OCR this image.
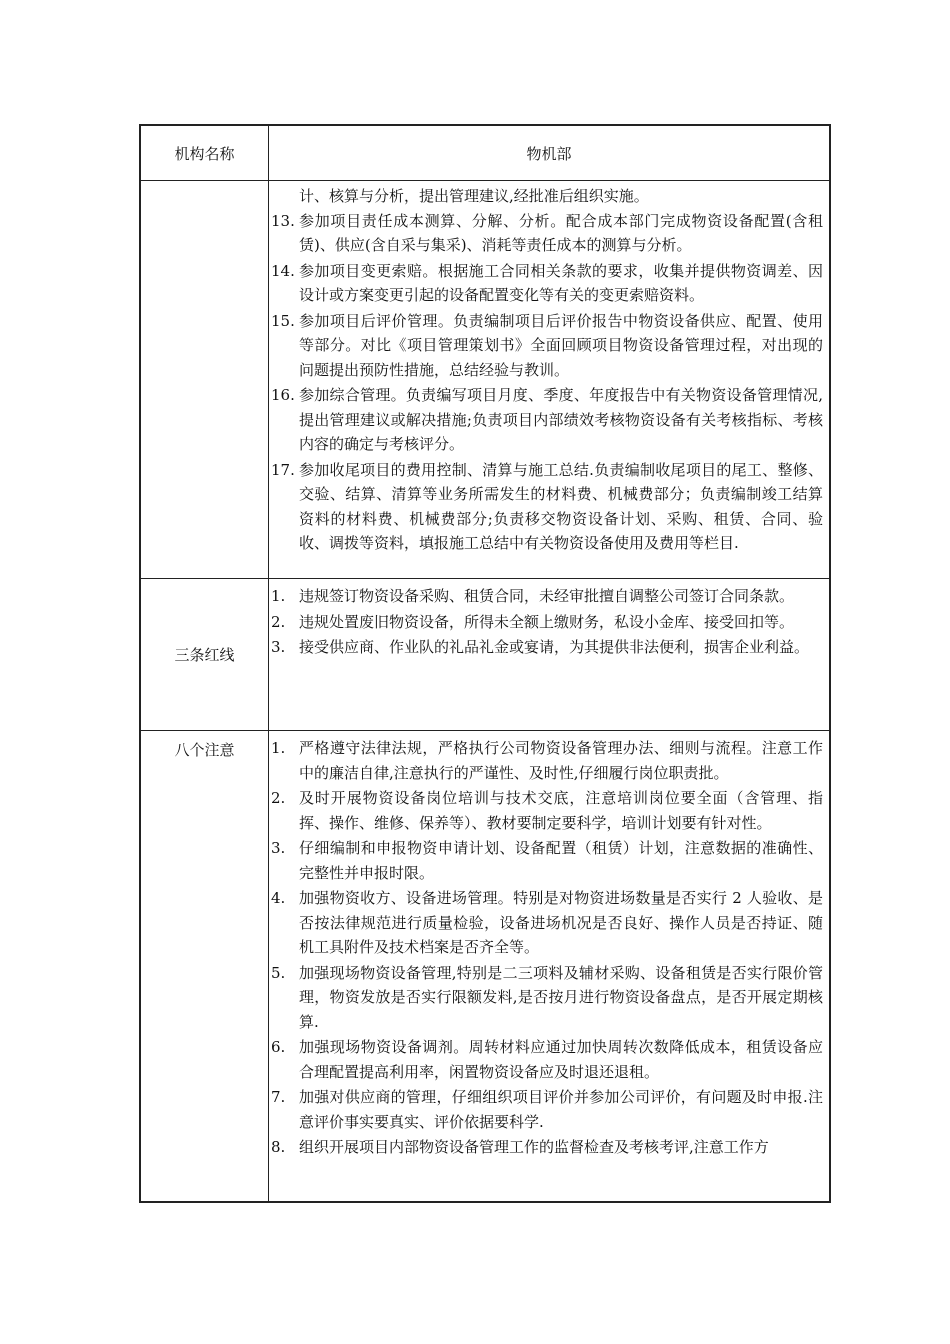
机构名称	物机部
计、核算与分析，提出管理建议,经批准后组织实施。
13. 参加项目责任成本测算、分解、分析。配合成本部门完成物资设备配置(含租赁)、供应(含自采与集采)、消耗等责任成本的测算与分析。
14. 参加项目变更索赔。根据施工合同相关条款的要求，收集并提供物资调差、因设计或方案变更引起的设备配置变化等有关的变更索赔资料。
15. 参加项目后评价管理。负责编制项目后评价报告中物资设备供应、配置、使用等部分。对比《项目管理策划书》全面回顾项目物资设备管理过程，对出现的问题提出预防性措施，总结经验与教训。
16. 参加综合管理。负责编写项目月度、季度、年度报告中有关物资设备管理情况,提出管理建议或解决措施;负责项目内部绩效考核物资设备有关考核指标、考核内容的确定与考核评分。
17. 参加收尾项目的费用控制、清算与施工总结.负责编制收尾项目的尾工、整修、交验、结算、清算等业务所需发生的材料费、机械费部分；负责编制竣工结算资料的材料费、机械费部分;负责移交物资设备计划、采购、租赁、合同、验收、调拨等资料，填报施工总结中有关物资设备使用及费用等栏目.
三条红线
1. 违规签订物资设备采购、租赁合同，未经审批擅自调整公司签订合同条款。
2. 违规处置废旧物资设备，所得未全额上缴财务，私设小金库、接受回扣等。
3. 接受供应商、作业队的礼品礼金或宴请，为其提供非法便利，损害企业利益。
八个注意	1. 严格遵守法律法规，严格执行公司物资设备管理办法、细则与流程。注意工作中的廉洁自律,注意执行的严谨性、及时性,仔细履行岗位职责批。
2. 及时开展物资设备岗位培训与技术交底，注意培训岗位要全面（含管理、指挥、操作、维修、保养等）、教材要制定要科学，培训计划要有针对性。
3. 仔细编制和申报物资申请计划、设备配置（租赁）计划，注意数据的准确性、完整性并申报时限。
4. 加强物资收方、设备进场管理。特别是对物资进场数量是否实行 2 人验收、是否按法律规范进行质量检验，设备进场机况是否良好、操作人员是否持证、随机工具附件及技术档案是否齐全等。
5. 加强现场物资设备管理,特别是二三项料及辅材采购、设备租赁是否实行限价管理，物资发放是否实行限额发料,是否按月进行物资设备盘点，是否开展定期核算.
6. 加强现场物资设备调剂。周转材料应通过加快周转次数降低成本，租赁设备应合理配置提高利用率，闲置物资设备应及时退还退租。
7. 加强对供应商的管理，仔细组织项目评价并参加公司评价，有问题及时申报.注意评价事实要真实、评价依据要科学.
8. 组织开展项目内部物资设备管理工作的监督检查及考核考评,注意工作方
